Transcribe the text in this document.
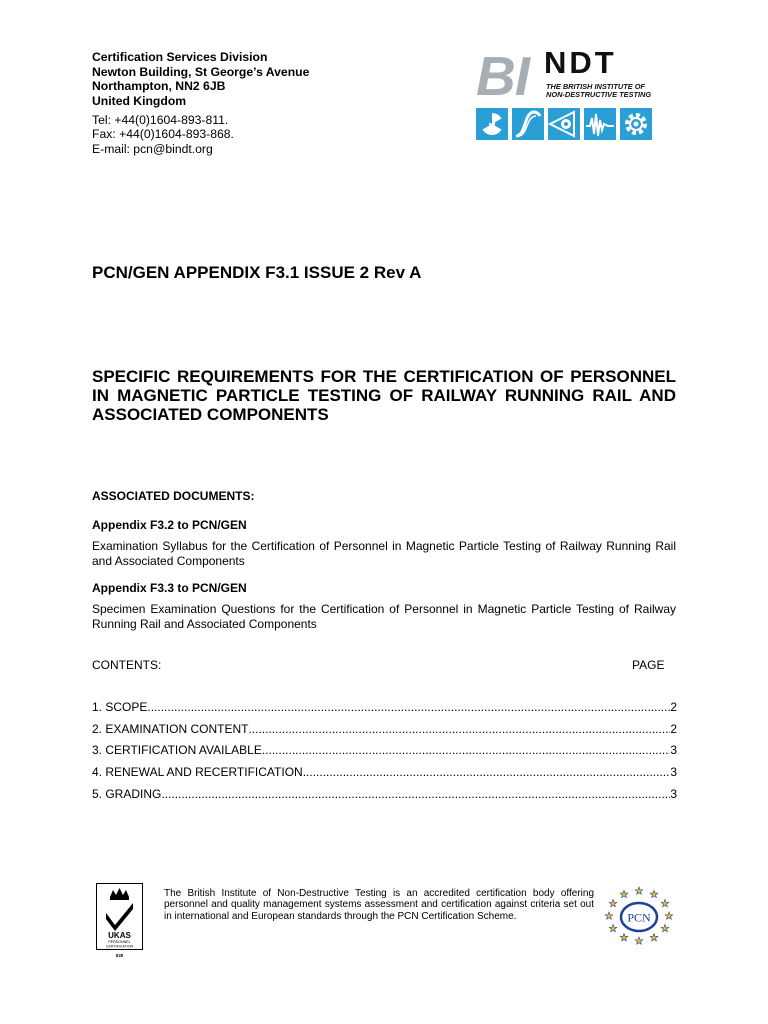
Certification Services Division
Newton Building, St George’s Avenue
Northampton, NN2 6JB
United Kingdom
Tel: +44(0)1604-893-811.
Fax: +44(0)1604-893-868.
E-mail: pcn@bindt.org
BI NDT
THE BRITISH INSTITUTE OF
NON-DESTRUCTIVE TESTING
PCN/GEN APPENDIX F3.1 ISSUE 2 Rev A
SPECIFIC REQUIREMENTS FOR THE CERTIFICATION OF PERSONNEL IN MAGNETIC PARTICLE TESTING OF RAILWAY RUNNING RAIL AND ASSOCIATED COMPONENTS
ASSOCIATED DOCUMENTS:
Appendix F3.2 to PCN/GEN
Examination Syllabus for the Certification of Personnel in Magnetic Particle Testing of Railway Running Rail and Associated Components
Appendix F3.3 to PCN/GEN
Specimen Examination Questions for the Certification of Personnel in Magnetic Particle Testing of Railway Running Rail and Associated Components
CONTENTS:	PAGE
1. SCOPE .....	2
2. EXAMINATION CONTENT .....	2
3. CERTIFICATION AVAILABLE .....	3
4. RENEWAL AND RECERTIFICATION .....	3
5. GRADING .....	3
UKAS
PERSONNEL
CERTIFICATION
030
The British Institute of Non-Destructive Testing is an accredited certification body offering personnel and quality management systems assessment and certification against criteria set out in international and European standards through the PCN Certification Scheme.	PCN
